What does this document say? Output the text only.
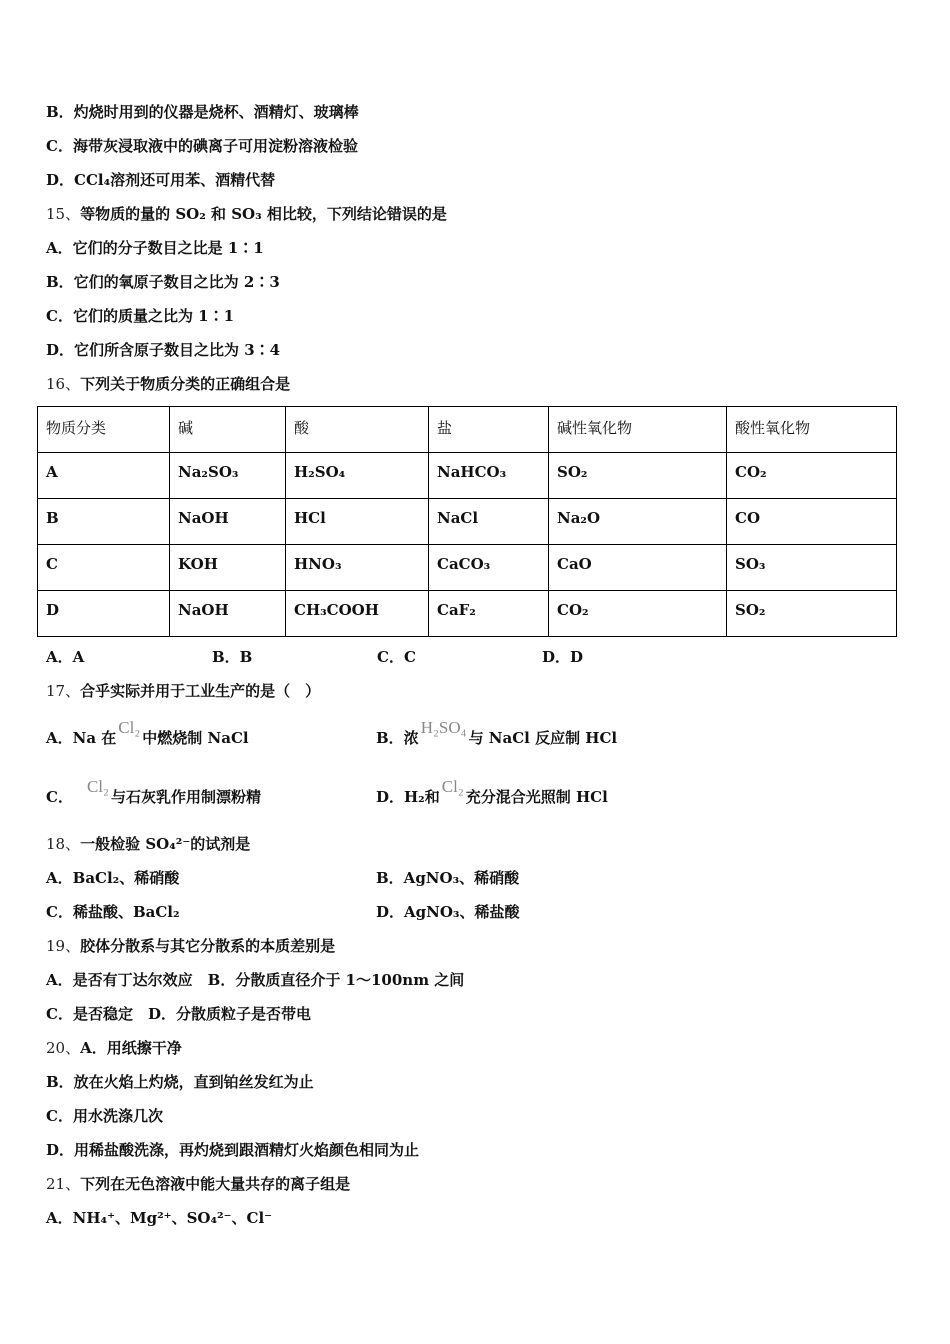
B．灼烧时用到的仪器是烧杯、酒精灯、玻璃棒
C．海带灰浸取液中的碘离子可用淀粉溶液检验
D．CCl₄溶剂还可用苯、酒精代替
15、等物质的量的 SO₂ 和 SO₃ 相比较，下列结论错误的是
A．它们的分子数目之比是 1∶1
B．它们的氧原子数目之比为 2∶3
C．它们的质量之比为 1∶1
D．它们所含原子数目之比为 3∶4
16、下列关于物质分类的正确组合是
物质分类	碱	酸	盐	碱性氧化物	酸性氧化物
A	Na₂SO₃	H₂SO₄	NaHCO₃	SO₂	CO₂
B	NaOH	HCl	NaCl	Na₂O	CO
C	KOH	HNO₃	CaCO₃	CaO	SO₃
D	NaOH	CH₃COOH	CaF₂	CO₂	SO₂
A．A	B．B	C．C	D．D
17、合乎实际并用于工业生产的是（　）
A．Na 在Cl₂中燃烧制 NaCl	B．浓H₂SO₄与 NaCl 反应制 HCl
C．Cl₂与石灰乳作用制漂粉精	D．H₂和Cl₂充分混合光照制 HCl
18、一般检验 SO₄²⁻的试剂是
A．BaCl₂、稀硝酸	B．AgNO₃、稀硝酸
C．稀盐酸、BaCl₂	D．AgNO₃、稀盐酸
19、胶体分散系与其它分散系的本质差别是
A．是否有丁达尔效应　B．分散质直径介于 1～100nm 之间
C．是否稳定　D．分散质粒子是否带电
20、A．用纸擦干净
B．放在火焰上灼烧，直到铂丝发红为止
C．用水洗涤几次
D．用稀盐酸洗涤，再灼烧到跟酒精灯火焰颜色相同为止
21、下列在无色溶液中能大量共存的离子组是
A．NH₄⁺、Mg²⁺、SO₄²⁻、Cl⁻
